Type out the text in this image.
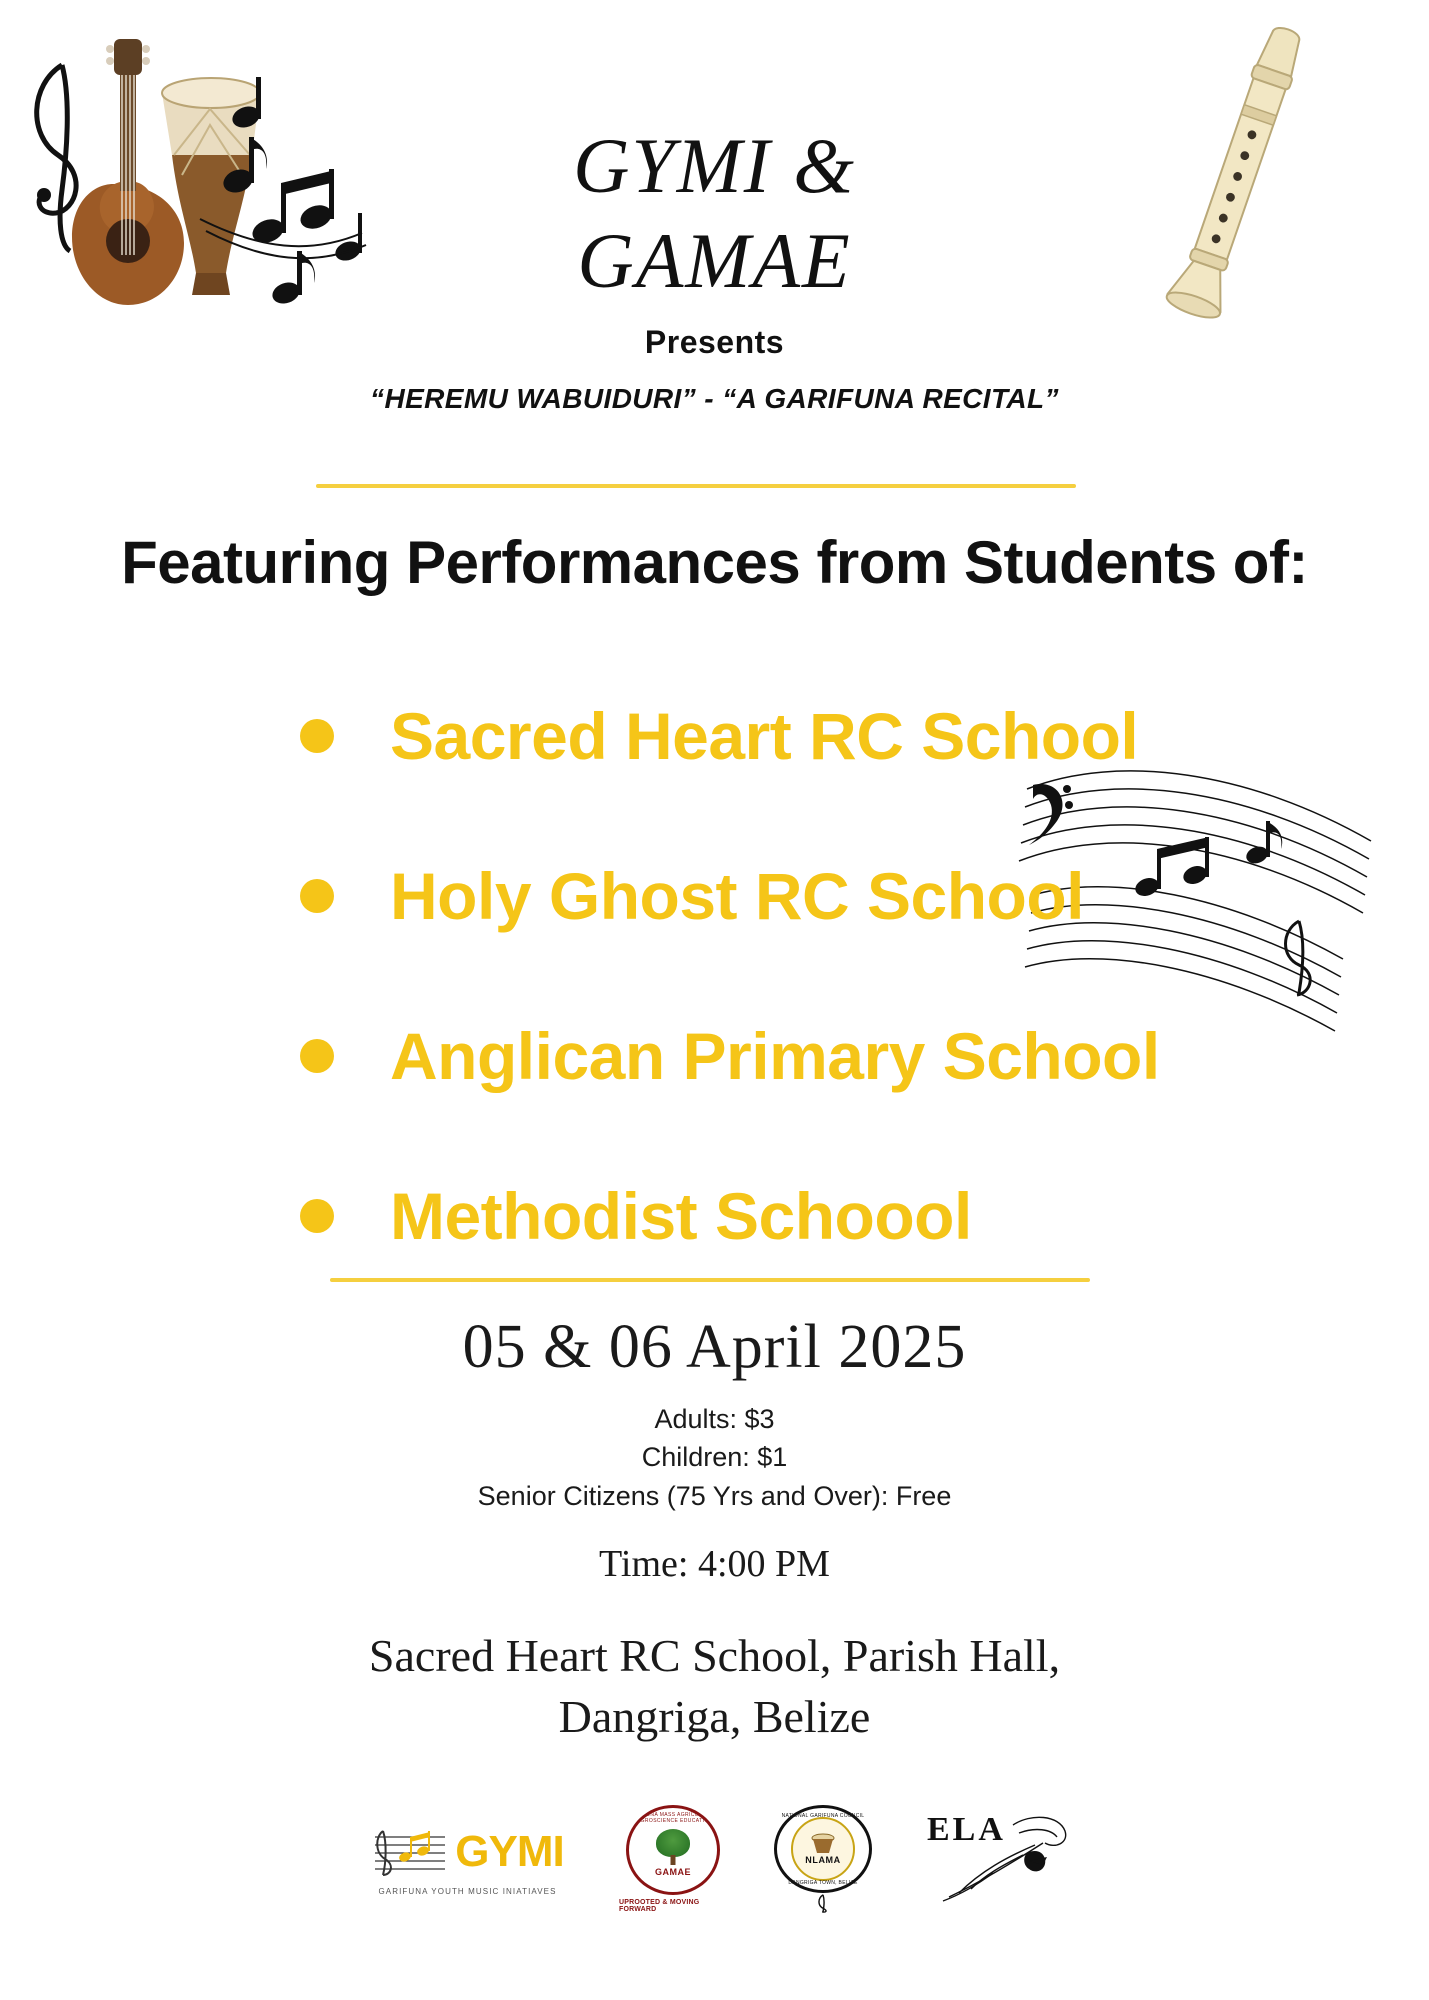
GYMI &
GAMAE
Presents
“HEREMU WABUIDURI” - “A GARIFUNA RECITAL”
Featuring Performances from Students of:
Sacred Heart RC School
Holy Ghost RC School
Anglican Primary School
Methodist Schoool
05 & 06 April 2025
Adults: $3
Children: $1
Senior Citizens (75 Yrs and Over): Free
Time: 4:00 PM
Sacred Heart RC School, Parish Hall,
Dangriga, Belize
GYMI
GARIFUNA YOUTH MUSIC INIATIAVES
GARIFUNA MASS AGRICULTURE - AGROSCIENCE EDUCATION
GAMAE
UPROOTED & MOVING FORWARD
NATIONAL GARIFUNA COUNCIL
NLAMA
DANGRIGA TOWN, BELIZE
ELA
